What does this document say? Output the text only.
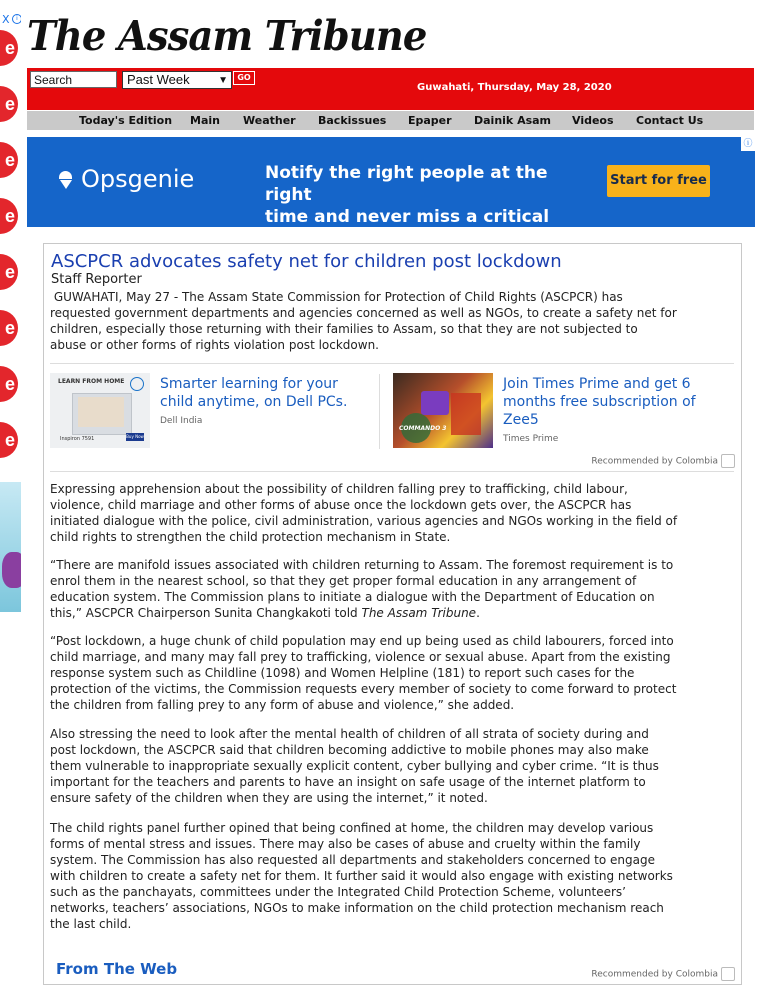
X	i
e
e
e
e
e
e
e
e
The Assam Tribune
Search	Past Week	▼	GO
Guwahati, Thursday, May 28, 2020
Today's Edition Main Weather Backissues Epaper Dainik Asam Videos Contact Us
ⓘ
Opsgenie	Notify the right people at the right
time and never miss a critical alert
Start for free
ASCPCR advocates safety net for children post lockdown
Staff Reporter
GUWAHATI, May 27 - The Assam State Commission for Protection of Child Rights (ASCPCR) has
requested government departments and agencies concerned as well as NGOs, to create a safety net for
children, especially those returning with their families to Assam, so that they are not subjected to
abuse or other forms of rights violation post lockdown.
LEARN FROM HOME
Inspiron 7591	Buy Now
Smarter learning for your
child anytime, on Dell PCs.
Dell India
COMMANDO 3
Join Times Prime and get 6
months free subscription of
Zee5
Times Prime
Recommended by Colombia
Expressing apprehension about the possibility of children falling prey to trafficking, child labour,
violence, child marriage and other forms of abuse once the lockdown gets over, the ASCPCR has
initiated dialogue with the police, civil administration, various agencies and NGOs working in the field of
child rights to strengthen the child protection mechanism in State.
“There are manifold issues associated with children returning to Assam. The foremost requirement is to
enrol them in the nearest school, so that they get proper formal education in any arrangement of
education system. The Commission plans to initiate a dialogue with the Department of Education on
this,” ASCPCR Chairperson Sunita Changkakoti told The Assam Tribune.
“Post lockdown, a huge chunk of child population may end up being used as child labourers, forced into
child marriage, and many may fall prey to trafficking, violence or sexual abuse. Apart from the existing
response system such as Childline (1098) and Women Helpline (181) to report such cases for the
protection of the victims, the Commission requests every member of society to come forward to protect
the children from falling prey to any form of abuse and violence,” she added.
Also stressing the need to look after the mental health of children of all strata of society during and
post lockdown, the ASCPCR said that children becoming addictive to mobile phones may also make
them vulnerable to inappropriate sexually explicit content, cyber bullying and cyber crime. “It is thus
important for the teachers and parents to have an insight on safe usage of the internet platform to
ensure safety of the children when they are using the internet,” it noted.
The child rights panel further opined that being confined at home, the children may develop various
forms of mental stress and issues. There may also be cases of abuse and cruelty within the family
system. The Commission has also requested all departments and stakeholders concerned to engage
with children to create a safety net for them. It further said it would also engage with existing networks
such as the panchayats, committees under the Integrated Child Protection Scheme, volunteers’
networks, teachers’ associations, NGOs to make information on the child protection mechanism reach
the last child.
From The Web	Recommended by Colombia
